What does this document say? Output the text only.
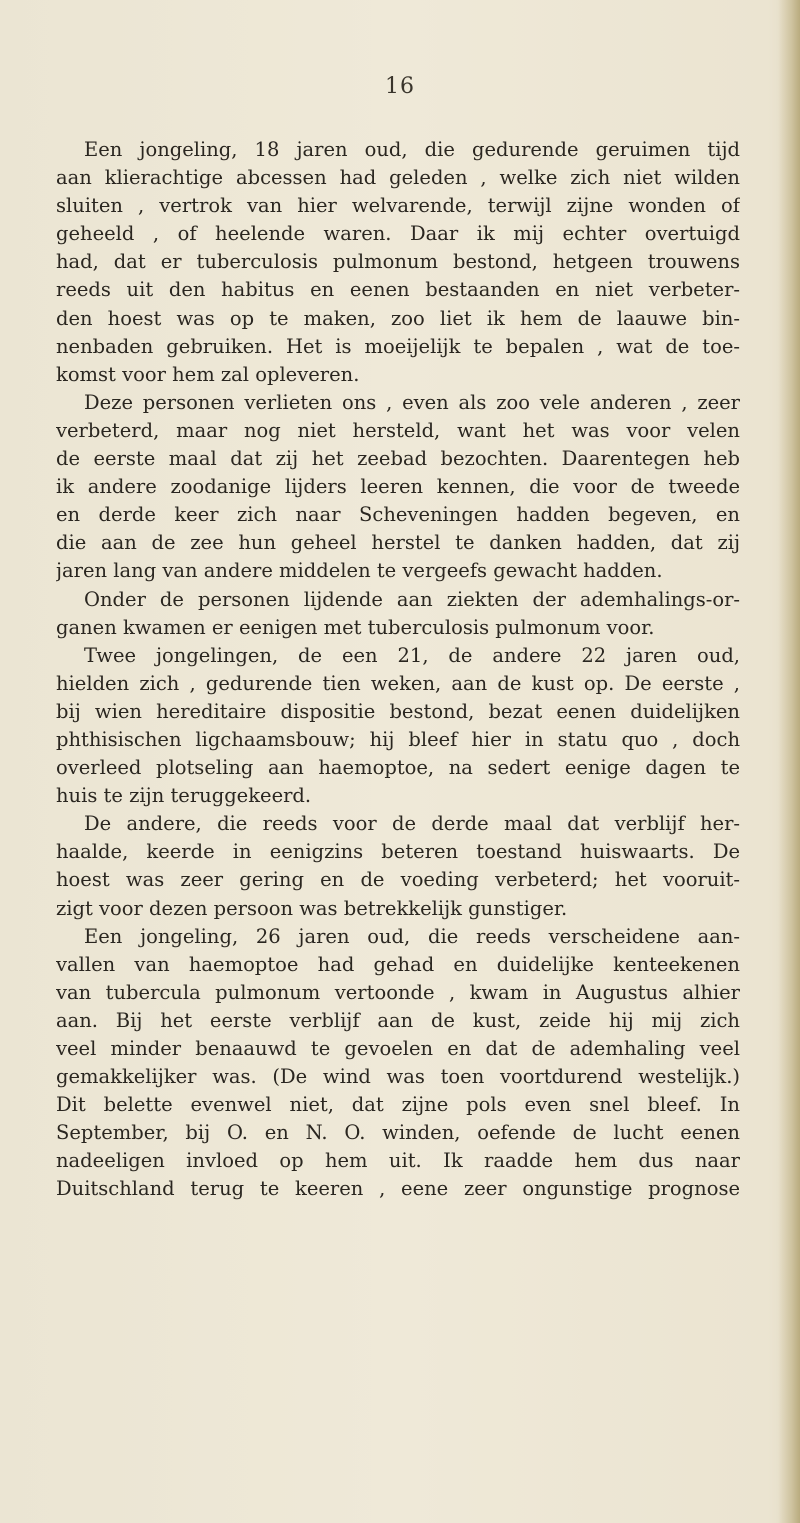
16
Een jongeling, 18 jaren oud, die gedurende geruimen tijd
aan klierachtige abcessen had geleden , welke zich niet wilden
sluiten , vertrok van hier welvarende, terwijl zijne wonden of
geheeld , of heelende waren. Daar ik mij echter overtuigd
had, dat er tuberculosis pulmonum bestond, hetgeen trouwens
reeds uit den habitus en eenen bestaanden en niet verbeter-
den hoest was op te maken, zoo liet ik hem de laauwe bin-
nenbaden gebruiken. Het is moeijelijk te bepalen , wat de toe-
komst voor hem zal opleveren.
Deze personen verlieten ons , even als zoo vele anderen , zeer
verbeterd, maar nog niet hersteld, want het was voor velen
de eerste maal dat zij het zeebad bezochten. Daarentegen heb
ik andere zoodanige lijders leeren kennen, die voor de tweede
en derde keer zich naar Scheveningen hadden begeven, en
die aan de zee hun geheel herstel te danken hadden, dat zij
jaren lang van andere middelen te vergeefs gewacht hadden.
Onder de personen lijdende aan ziekten der ademhalings-or-
ganen kwamen er eenigen met tuberculosis pulmonum voor.
Twee jongelingen, de een 21, de andere 22 jaren oud,
hielden zich , gedurende tien weken, aan de kust op. De eerste ,
bij wien hereditaire dispositie bestond, bezat eenen duidelijken
phthisischen ligchaamsbouw; hij bleef hier in statu quo , doch
overleed plotseling aan haemoptoe, na sedert eenige dagen te
huis te zijn teruggekeerd.
De andere, die reeds voor de derde maal dat verblijf her-
haalde, keerde in eenigzins beteren toestand huiswaarts. De
hoest was zeer gering en de voeding verbeterd; het vooruit-
zigt voor dezen persoon was betrekkelijk gunstiger.
Een jongeling, 26 jaren oud, die reeds verscheidene aan-
vallen van haemoptoe had gehad en duidelijke kenteekenen
van tubercula pulmonum vertoonde , kwam in Augustus alhier
aan. Bij het eerste verblijf aan de kust, zeide hij mij zich
veel minder benaauwd te gevoelen en dat de ademhaling veel
gemakkelijker was. (De wind was toen voortdurend westelijk.)
Dit belette evenwel niet, dat zijne pols even snel bleef. In
September, bij O. en N. O. winden, oefende de lucht eenen
nadeeligen invloed op hem uit. Ik raadde hem dus naar
Duitschland terug te keeren , eene zeer ongunstige prognose
